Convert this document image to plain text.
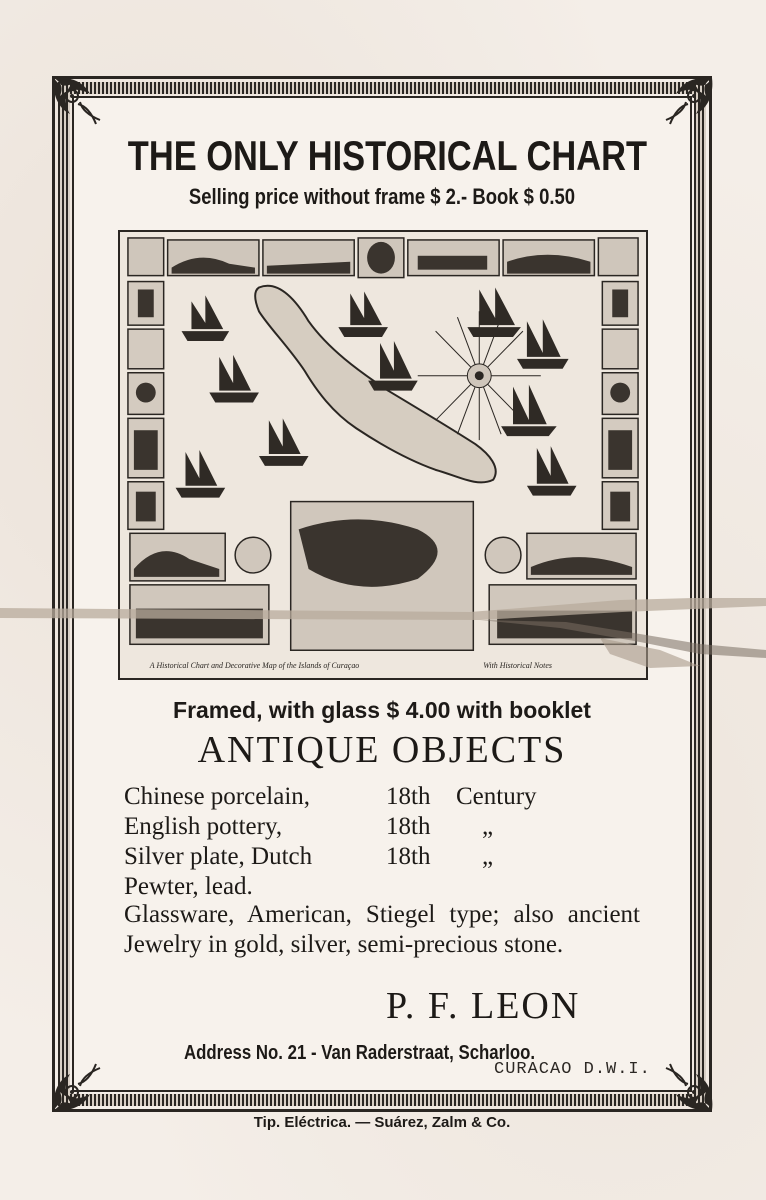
THE ONLY HISTORICAL CHART
Selling price without frame $ 2.- Book $ 0.50
A Historical Chart and Decorative Map of the Islands of Curaçao	With Historical Notes
Framed, with glass $ 4.00 with booklet
ANTIQUE OBJECTS
Chinese porcelain,	18th	Century
English pottery,	18th	„
Silver plate, Dutch	18th	„
Pewter, lead.
Glassware, American, Stiegel type; also ancient Jewelry in gold, silver, semi-precious stone.
P. F. LEON
Address No. 21 - Van Raderstraat, Scharloo.
CURACAO D.W.I.
Tip. Eléctrica. — Suárez, Zalm & Co.
